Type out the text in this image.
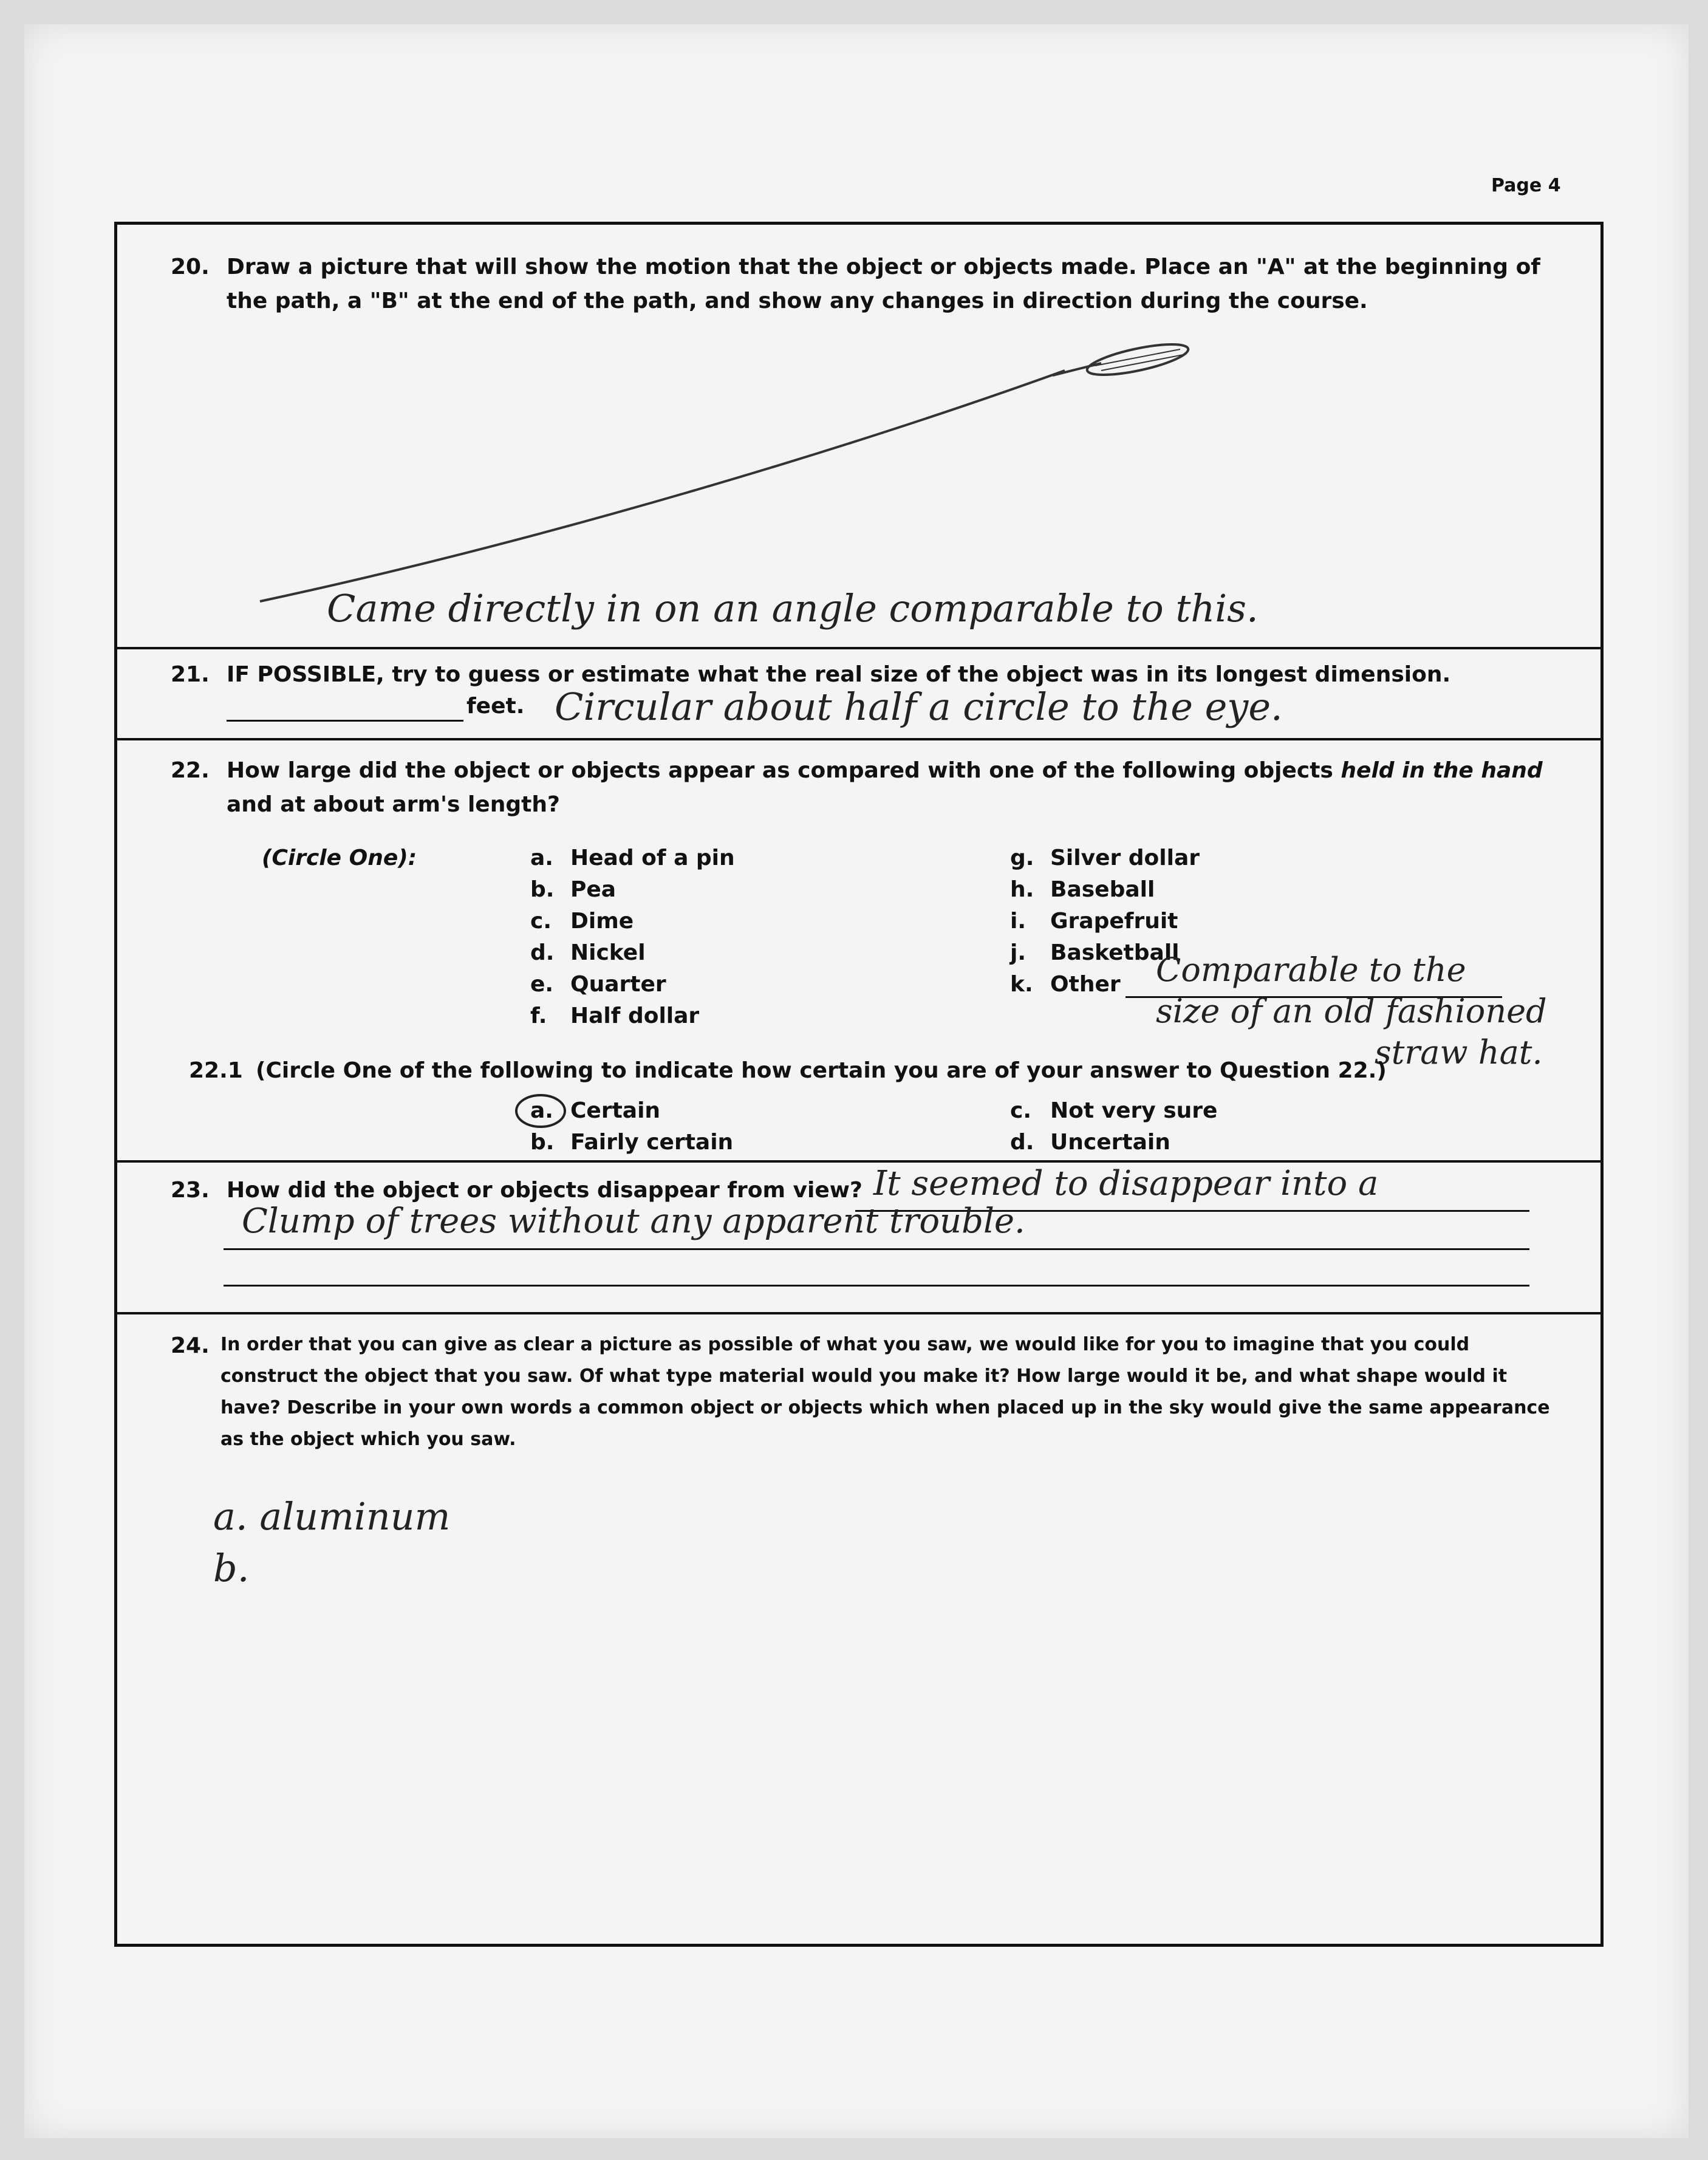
Page 4
20. Draw a picture that will show the motion that the object or objects made. Place an "A" at the beginning of the path, a "B" at the end of the path, and show any changes in direction during the course.
Came directly in on an angle comparable to this.
21. IF POSSIBLE, try to guess or estimate what the real size of the object was in its longest dimension.
feet. Circular about half a circle to the eye.
22. How large did the object or objects appear as compared with one of the following objects held in the hand and at about arm's length?
(Circle One):	a. Head of a pin
b. Pea
c. Dime
d. Nickel
e. Quarter
f. Half dollar
g. Silver dollar
h. Baseball
i. Grapefruit
j. Basketball
k. Other Comparable to the
size of an old fashioned
straw hat.
22.1 (Circle One of the following to indicate how certain you are of your answer to Question 22.)
a. Certain
b. Fairly certain
c. Not very sure
d. Uncertain
23. How did the object or objects disappear from view? It seemed to disappear into a
Clump of trees without any apparent trouble.
24. In order that you can give as clear a picture as possible of what you saw, we would like for you to imagine that you could construct the object that you saw. Of what type material would you make it? How large would it be, and what shape would it have? Describe in your own words a common object or objects which when placed up in the sky would give the same appearance as the object which you saw.
a. aluminum
b.
